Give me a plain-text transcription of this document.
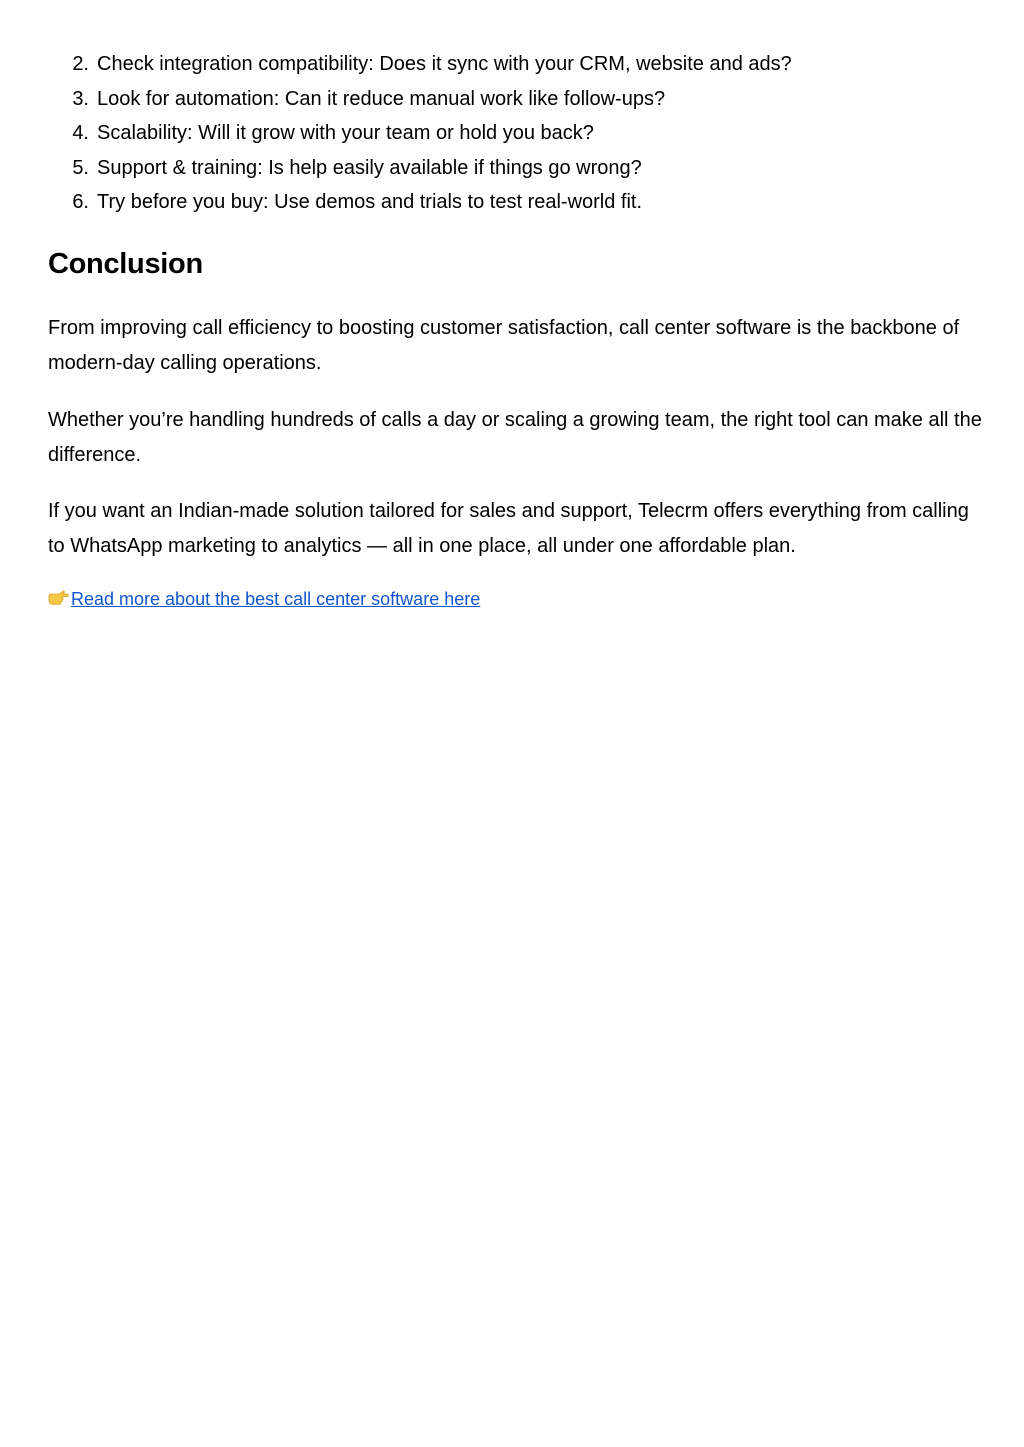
2. Check integration compatibility: Does it sync with your CRM, website and ads?
3. Look for automation: Can it reduce manual work like follow-ups?
4. Scalability: Will it grow with your team or hold you back?
5. Support & training: Is help easily available if things go wrong?
6. Try before you buy: Use demos and trials to test real-world fit.
Conclusion

From improving call efficiency to boosting customer satisfaction, call center software is the backbone of modern-day calling operations.

Whether you’re handling hundreds of calls a day or scaling a growing team, the right tool can make all the difference.

If you want an Indian-made solution tailored for sales and support, Telecrm offers everything from calling to WhatsApp marketing to analytics — all in one place, all under one affordable plan.

Read more about the best call center software here
